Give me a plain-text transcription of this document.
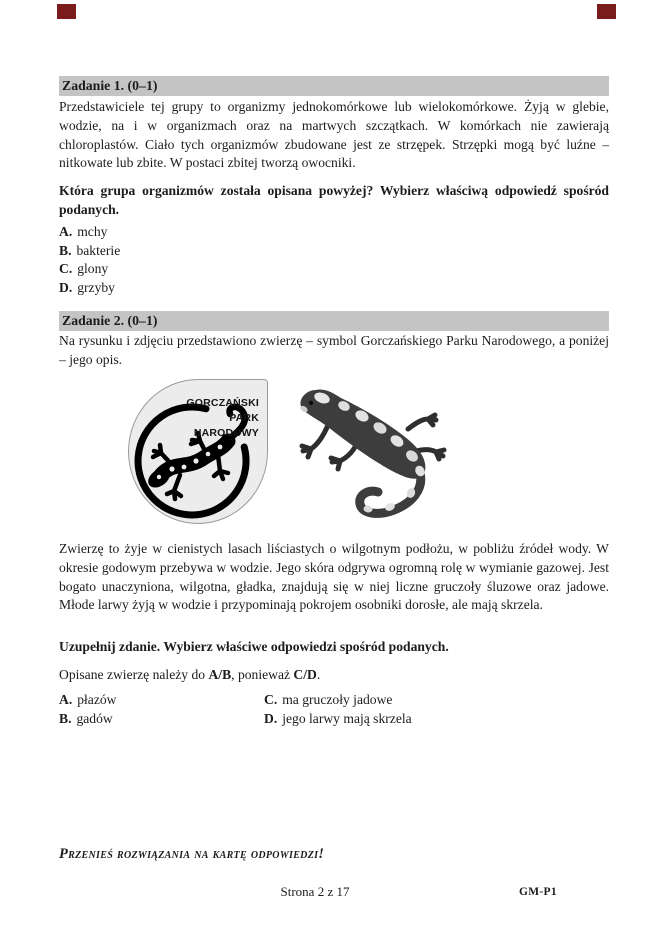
Zadanie 1. (0–1)

Przedstawiciele tej grupy to organizmy jednokomórkowe lub wielokomórkowe. Żyją w glebie, wodzie, na i w organizmach oraz na martwych szczątkach. W komórkach nie zawierają chloroplastów. Ciało tych organizmów zbudowane jest ze strzępek. Strzępki mogą być luźne – nitkowate lub zbite. W postaci zbitej tworzą owocniki.

Która grupa organizmów została opisana powyżej? Wybierz właściwą odpowiedź spośród podanych.

A. mchy
B. bakterie
C. glony
D. grzyby
Zadanie 2. (0–1)

Na rysunku i zdjęciu przedstawiono zwierzę – symbol Gorczańskiego Parku Narodowego, a poniżej – jego opis.

GORCZAŃSKI
PARK
NARODOWY

Zwierzę to żyje w cienistych lasach liściastych o wilgotnym podłożu, w pobliżu źródeł wody. W okresie godowym przebywa w wodzie. Jego skóra odgrywa ogromną rolę w wymianie gazowej. Jest bogato unaczyniona, wilgotna, gładka, znajdują się w niej liczne gruczoły śluzowe oraz jadowe. Młode larwy żyją w wodzie i przypominają pokrojem osobniki dorosłe, ale mają skrzela.

Uzupełnij zdanie. Wybierz właściwe odpowiedzi spośród podanych.

Opisane zwierzę należy do A/B, ponieważ C/D.

A. płazów
B. gadów
C. ma gruczoły jadowe
D. jego larwy mają skrzela
Przenieś rozwiązania na kartę odpowiedzi!
Strona 2 z 17	GM-P1
